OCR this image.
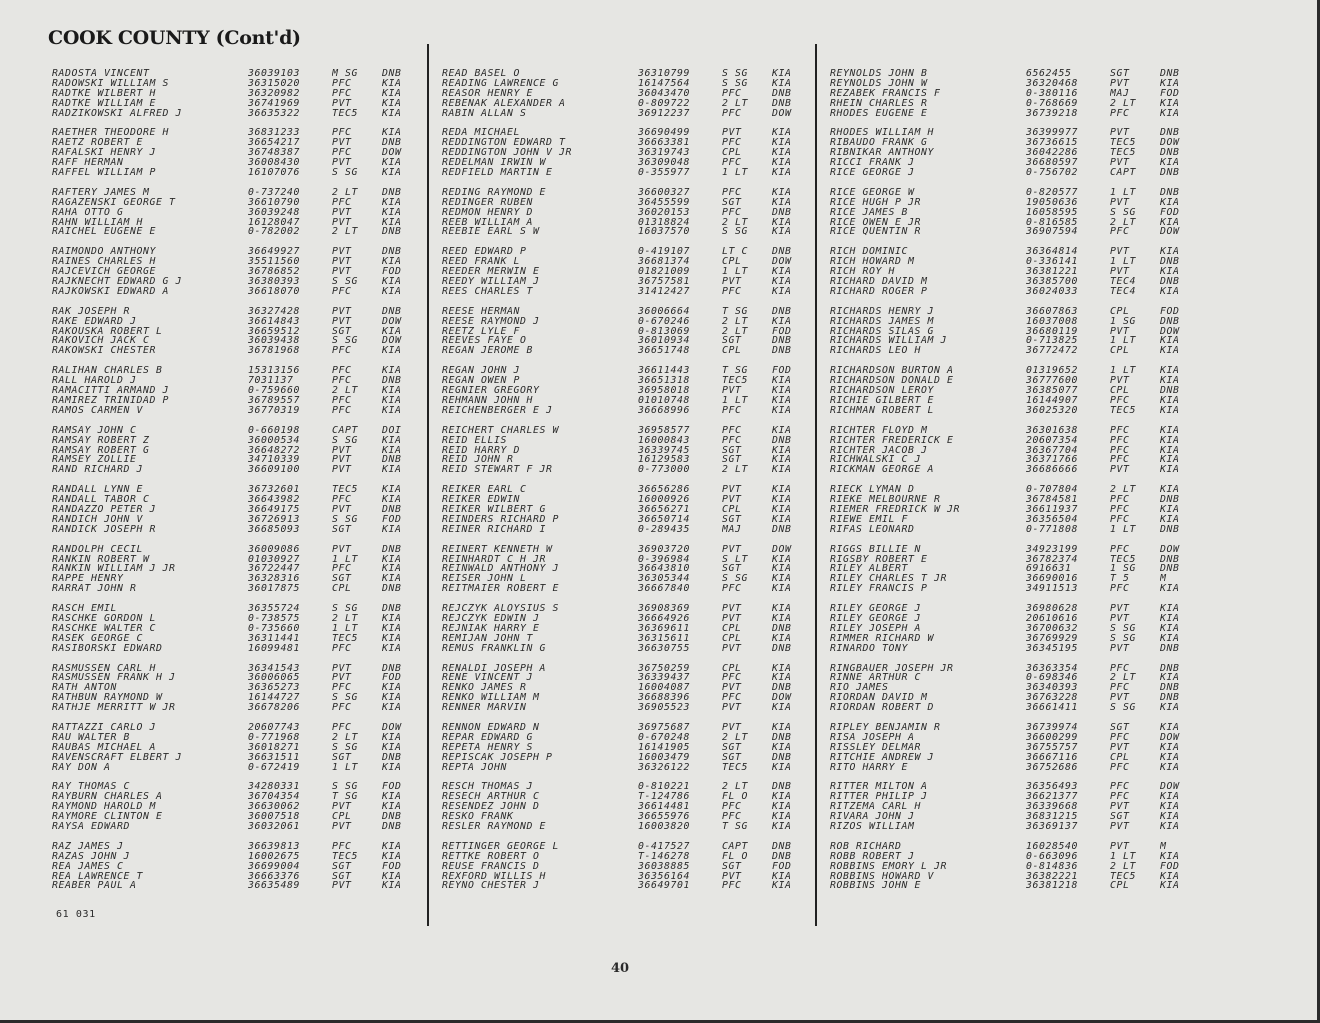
COOK COUNTY (Cont'd)
RADOSTA VINCENT	36039103	M SG	DNB
RADOWSKI WILLIAM S	36315020	PFC	KIA
RADTKE WILBERT H	36320982	PFC	KIA
RADTKE WILLIAM E	36741969	PVT	KIA
RADZIKOWSKI ALFRED J	36635322	TEC5	KIA
RAETHER THEODORE H	36831233	PFC	KIA
RAETZ ROBERT E	36654217	PVT	DNB
RAFALSKI HENRY J	36748387	PFC	DOW
RAFF HERMAN	36008430	PVT	KIA
RAFFEL WILLIAM P	16107076	S SG	KIA
RAFTERY JAMES M	0-737240	2 LT	DNB
RAGAZENSKI GEORGE T	36610790	PFC	KIA
RAHA OTTO G	36039248	PVT	KIA
RAHN WILLIAM H	16128047	PVT	KIA
RAICHEL EUGENE E	0-782002	2 LT	DNB
RAIMONDO ANTHONY	36649927	PVT	DNB
RAINES CHARLES H	35511560	PVT	KIA
RAJCEVICH GEORGE	36786852	PVT	FOD
RAJKNECHT EDWARD G J	36380393	S SG	KIA
RAJKOWSKI EDWARD A	36618070	PFC	KIA
RAK JOSEPH R	36327428	PVT	DNB
RAKE EDWARD J	36614843	PVT	DOW
RAKOUSKA ROBERT L	36659512	SGT	KIA
RAKOVICH JACK C	36039438	S SG	DOW
RAKOWSKI CHESTER	36781968	PFC	KIA
RALIHAN CHARLES B	15313156	PFC	KIA
RALL HAROLD J	7031137	PFC	DNB
RAMACITTI ARMAND J	0-759660	2 LT	KIA
RAMIREZ TRINIDAD P	36789557	PFC	KIA
RAMOS CARMEN V	36770319	PFC	KIA
RAMSAY JOHN C	0-660198	CAPT	DOI
RAMSAY ROBERT Z	36000534	S SG	KIA
RAMSAY ROBERT G	36648272	PVT	KIA
RAMSEY ZOLLIE	34710339	PVT	DNB
RAND RICHARD J	36609100	PVT	KIA
RANDALL LYNN E	36732601	TEC5	KIA
RANDALL TABOR C	36643982	PFC	KIA
RANDAZZO PETER J	36649175	PVT	DNB
RANDICH JOHN V	36726913	S SG	FOD
RANDICK JOSEPH R	36685093	SGT	KIA
RANDOLPH CECIL	36009086	PVT	DNB
RANKIN ROBERT W	01030927	1 LT	KIA
RANKIN WILLIAM J JR	36722447	PFC	KIA
RAPPE HENRY	36328316	SGT	KIA
RARRAT JOHN R	36017875	CPL	DNB
RASCH EMIL	36355724	S SG	DNB
RASCHKE GORDON L	0-738575	2 LT	KIA
RASCHKE WALTER C	0-735660	1 LT	KIA
RASEK GEORGE C	36311441	TEC5	KIA
RASIBORSKI EDWARD	16099481	PFC	KIA
RASMUSSEN CARL H	36341543	PVT	DNB
RASMUSSEN FRANK H J	36006065	PVT	FOD
RATH ANTON	36365273	PFC	KIA
RATHBUN RAYMOND W	16144727	S SG	KIA
RATHJE MERRITT W JR	36678206	PFC	KIA
RATTAZZI CARLO J	20607743	PFC	DOW
RAU WALTER B	0-771968	2 LT	KIA
RAUBAS MICHAEL A	36018271	S SG	KIA
RAVENSCRAFT ELBERT J	36631511	SGT	DNB
RAY DON A	0-672419	1 LT	KIA
RAY THOMAS C	34280331	S SG	FOD
RAYBURN CHARLES A	36704354	T SG	KIA
RAYMOND HAROLD M	36630062	PVT	KIA
RAYMORE CLINTON E	36007518	CPL	DNB
RAYSA EDWARD	36032061	PVT	DNB
RAZ JAMES J	36639813	PFC	KIA
RAZAS JOHN J	16002675	TEC5	KIA
REA JAMES C	36699004	SGT	FOD
REA LAWRENCE T	36663376	SGT	KIA
REABER PAUL A	36635489	PVT	KIA
READ BASEL O	36310799	S SG	KIA
READING LAWRENCE G	16147564	S SG	KIA
REASOR HENRY E	36043470	PFC	DNB
REBENAK ALEXANDER A	0-809722	2 LT	DNB
RABIN ALLAN S	36912237	PFC	DOW
REDA MICHAEL	36690499	PVT	KIA
REDDINGTON EDWARD T	36663381	PFC	KIA
REDDINGTON JOHN V JR	36319743	CPL	KIA
REDELMAN IRWIN W	36309048	PFC	KIA
REDFIELD MARTIN E	0-355977	1 LT	KIA
REDING RAYMOND E	36600327	PFC	KIA
REDINGER RUBEN	36455599	SGT	KIA
REDMON HENRY D	36020153	PFC	DNB
REEB WILLIAM A	01318824	2 LT	KIA
REEBIE EARL S W	16037570	S SG	KIA
REED EDWARD P	0-419107	LT C	DNB
REED FRANK L	36681374	CPL	DOW
REEDER MERWIN E	01821009	1 LT	KIA
REEDY WILLIAM J	36757581	PVT	KIA
REES CHARLES T	31412427	PFC	KIA
REESE HERMAN	36006664	T SG	DNB
REESE RAYMOND J	0-670246	2 LT	KIA
REETZ LYLE F	0-813069	2 LT	FOD
REEVES FAYE O	36010934	SGT	DNB
REGAN JEROME B	36651748	CPL	DNB
REGAN JOHN J	36611443	T SG	FOD
REGAN OWEN P	36651318	TEC5	KIA
REGNIER GREGORY	36958018	PVT	KIA
REHMANN JOHN H	01010748	1 LT	KIA
REICHENBERGER E J	36668996	PFC	KIA
REICHERT CHARLES W	36958577	PFC	KIA
REID ELLIS	16000843	PFC	DNB
REID HARRY D	36339745	SGT	KIA
REID JOHN R	16129583	SGT	KIA
REID STEWART F JR	0-773000	2 LT	KIA
REIKER EARL C	36656286	PVT	KIA
REIKER EDWIN	16000926	PVT	KIA
REIKER WILBERT G	36656271	CPL	KIA
REINDERS RICHARD P	36650714	SGT	KIA
REINER RICHARD I	0-289435	MAJ	DNB
REINERT KENNETH W	36903720	PVT	DOW
REINHARDT C H JR	0-396984	S LT	KIA
REINWALD ANTHONY J	36643810	SGT	KIA
REISER JOHN L	36305344	S SG	KIA
REITMAIER ROBERT E	36667840	PFC	KIA
REJCZYK ALOYSIUS S	36908369	PVT	KIA
REJCZYK EDWIN J	36664926	PVT	KIA
REJNIAK HARRY E	36369611	CPL	DNB
REMIJAN JOHN T	36315611	CPL	KIA
REMUS FRANKLIN G	36630755	PVT	DNB
RENALDI JOSEPH A	36750259	CPL	KIA
RENE VINCENT J	36339437	PFC	KIA
RENKO JAMES R	16004087	PVT	DNB
RENKO WILLIAM M	36688396	PFC	DOW
RENNER MARVIN	36905523	PVT	KIA
RENNON EDWARD N	36975687	PVT	KIA
REPAR EDWARD G	0-670248	2 LT	DNB
REPETA HENRY S	16141905	SGT	KIA
REPISCAK JOSEPH P	16003479	SGT	DNB
REPTA JOHN	36326122	TEC5	KIA
RESCH THOMAS J	0-810221	2 LT	DNB
RESECH ARTHUR C	T-124786	FL O	KIA
RESENDEZ JOHN D	36614481	PFC	KIA
RESKO FRANK	36655976	PFC	KIA
RESLER RAYMOND E	16003820	T SG	KIA
RETTINGER GEORGE L	0-417527	CAPT	DNB
RETTKE ROBERT O	T-146278	FL O	DNB
REUSE FRANCIS D	36038885	SGT	FOD
REXFORD WILLIS H	36356164	PVT	KIA
REYNO CHESTER J	36649701	PFC	KIA
REYNOLDS JOHN B	6562455	SGT	DNB
REYNOLDS JOHN W	36320468	PVT	KIA
REZABEK FRANCIS F	0-380116	MAJ	FOD
RHEIN CHARLES R	0-768669	2 LT	KIA
RHODES EUGENE E	36739218	PFC	KIA
RHODES WILLIAM H	36399977	PVT	DNB
RIBAUDO FRANK G	36736615	TEC5	DOW
RIBNIKAR ANTHONY	36042286	TEC5	DNB
RICCI FRANK J	36680597	PVT	KIA
RICE GEORGE J	0-756702	CAPT	DNB
RICE GEORGE W	0-820577	1 LT	DNB
RICE HUGH P JR	19050636	PVT	KIA
RICE JAMES B	16058595	S SG	FOD
RICE OWEN E JR	0-816585	2 LT	KIA
RICE QUENTIN R	36907594	PFC	DOW
RICH DOMINIC	36364814	PVT	KIA
RICH HOWARD M	0-336141	1 LT	DNB
RICH ROY H	36381221	PVT	KIA
RICHARD DAVID M	36385700	TEC4	DNB
RICHARD ROGER P	36024033	TEC4	KIA
RICHARDS HENRY J	36607863	CPL	FOD
RICHARDS JAMES M	16037008	1 SG	DNB
RICHARDS SILAS G	36680119	PVT	DOW
RICHARDS WILLIAM J	0-713825	1 LT	KIA
RICHARDS LEO H	36772472	CPL	KIA
RICHARDSON BURTON A	01319652	1 LT	KIA
RICHARDSON DONALD E	36777600	PVT	KIA
RICHARDSON LEROY	36385077	CPL	DNB
RICHIE GILBERT E	16144907	PFC	KIA
RICHMAN ROBERT L	36025320	TEC5	KIA
RICHTER FLOYD M	36301638	PFC	KIA
RICHTER FREDERICK E	20607354	PFC	KIA
RICHTER JACOB J	36367704	PFC	KIA
RICHWALSKI C J	36371766	PFC	KIA
RICKMAN GEORGE A	36686666	PVT	KIA
RIECK LYMAN D	0-707804	2 LT	KIA
RIEKE MELBOURNE R	36784581	PFC	DNB
RIEMER FREDRICK W JR	36611937	PFC	KIA
RIEWE EMIL F	36356504	PFC	KIA
RIFAS LEONARD	0-771808	1 LT	DNB
RIGGS BILLIE N	34923199	PFC	DOW
RIGSBY ROBERT E	36782374	TEC5	DNB
RILEY ALBERT	6916631	1 SG	DNB
RILEY CHARLES T JR	36690016	T 5	M
RILEY FRANCIS P	34911513	PFC	KIA
RILEY GEORGE J	36980628	PVT	KIA
RILEY GEORGE J	20610616	PVT	KIA
RILEY JOSEPH A	36700632	S SG	KIA
RIMMER RICHARD W	36769929	S SG	KIA
RINARDO TONY	36345195	PVT	DNB
RINGBAUER JOSEPH JR	36363354	PFC	DNB
RINNE ARTHUR C	0-698346	2 LT	KIA
RIO JAMES	36340393	PFC	DNB
RIORDAN DAVID M	36763228	PVT	DNB
RIORDAN ROBERT D	36661411	S SG	KIA
RIPLEY BENJAMIN R	36739974	SGT	KIA
RISA JOSEPH A	36600299	PFC	DOW
RISSLEY DELMAR	36755757	PVT	KIA
RITCHIE ANDREW J	36667116	CPL	KIA
RITO HARRY E	36752686	PFC	KIA
RITTER MILTON A	36356493	PFC	DOW
RITTER PHILIP J	36621377	PFC	KIA
RITZEMA CARL H	36339668	PVT	KIA
RIVARA JOHN J	36831215	SGT	KIA
RIZOS WILLIAM	36369137	PVT	KIA
ROB RICHARD	16028540	PVT	M
ROBB ROBERT J	0-663096	1 LT	KIA
ROBBINS EMORY L JR	0-814836	2 LT	FOD
ROBBINS HOWARD V	36382221	TEC5	KIA
ROBBINS JOHN E	36381218	CPL	KIA

61 031

40
